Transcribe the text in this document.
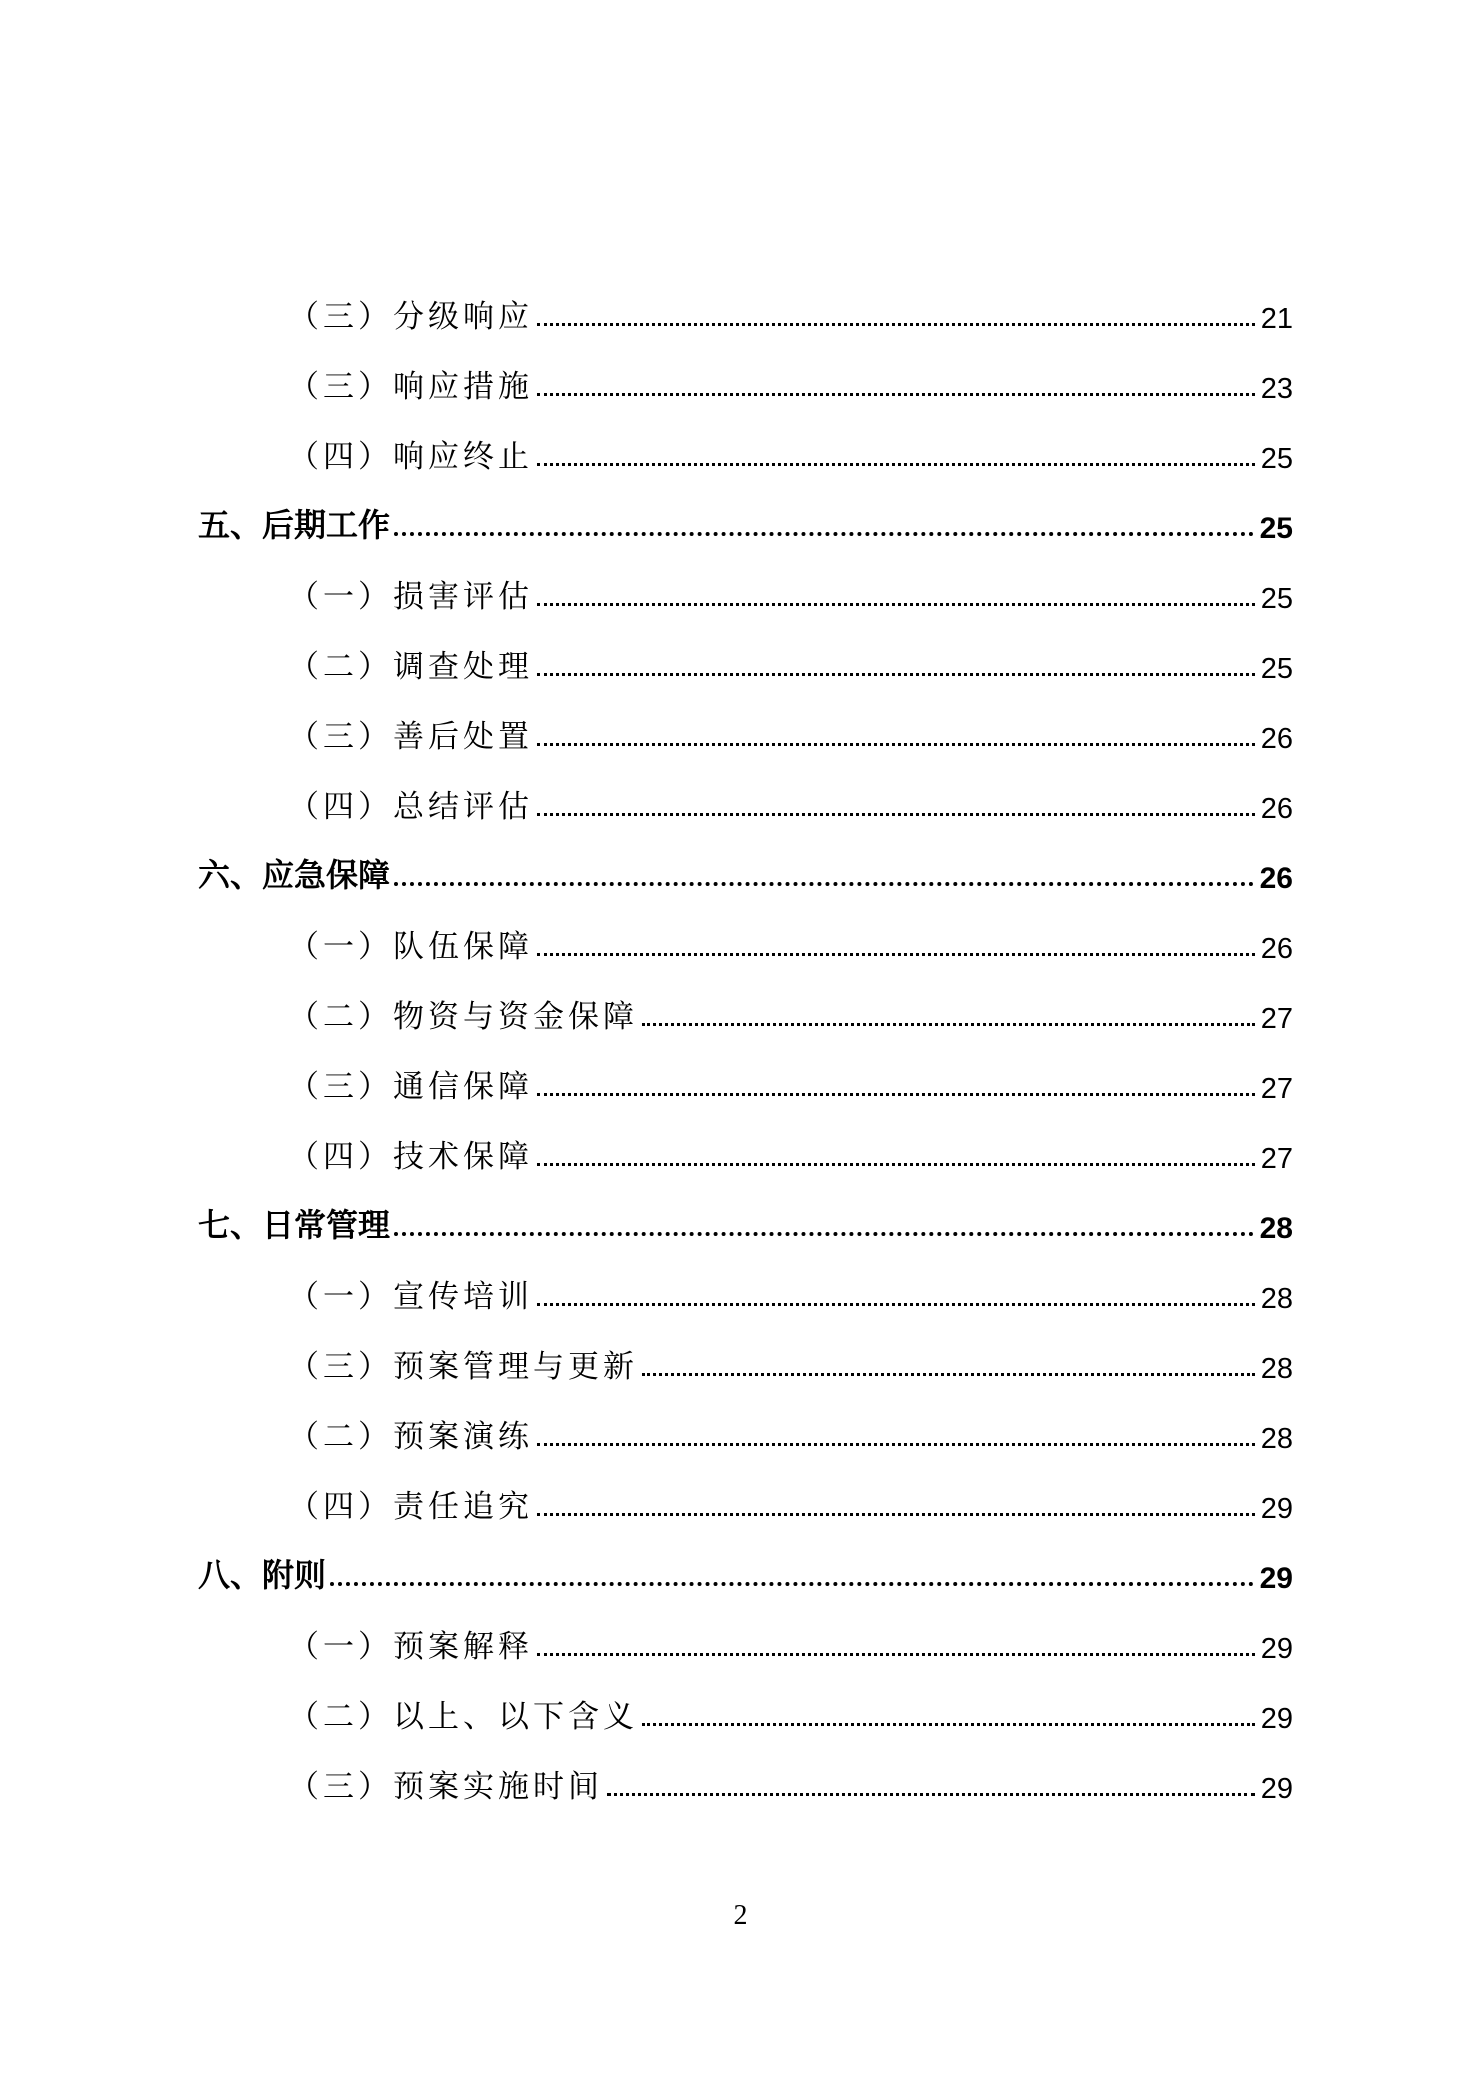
（三）分级响应	21
（三）响应措施	23
（四）响应终止	25
五、后期工作	25
（一）损害评估	25
（二）调查处理	25
（三）善后处置	26
（四）总结评估	26
六、应急保障	26
（一）队伍保障	26
（二）物资与资金保障	27
（三）通信保障	27
（四）技术保障	27
七、日常管理	28
（一）宣传培训	28
（三）预案管理与更新	28
（二）预案演练	28
（四）责任追究	29
八、附则	29
（一）预案解释	29
（二）以上、以下含义	29
（三）预案实施时间	29
2
